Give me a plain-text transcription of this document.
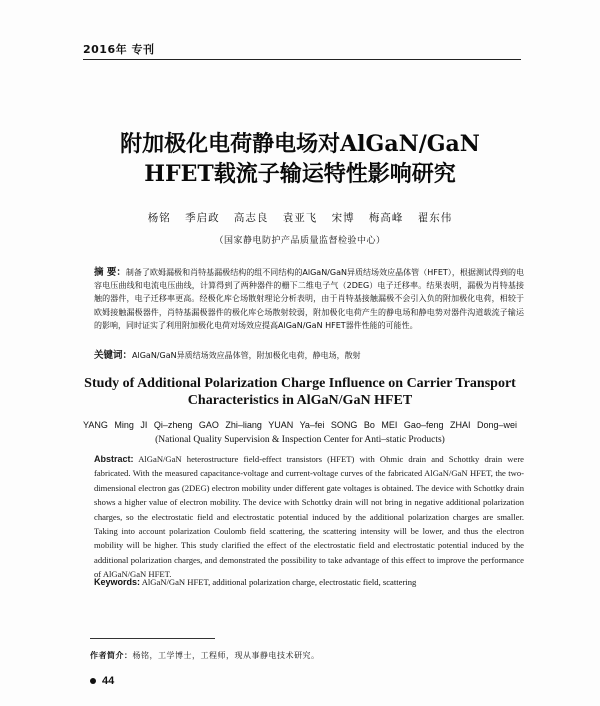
2016年 专刊
附加极化电荷静电场对AlGaN/GaN
HFET载流子输运特性影响研究
杨铭 季启政 高志良 袁亚飞 宋博 梅高峰 翟东伟
（国家静电防护产品质量监督检验中心）
摘 要：制备了欧姆漏极和肖特基漏极结构的组不同结构的AlGaN/GaN异质结场效应晶体管（HFET），根据测试得到的电容电压曲线和电流电压曲线，计算得到了两种器件的栅下二维电子气（2DEG）电子迁移率。结果表明，漏极为肖特基接触的器件，电子迁移率更高。经极化库仑场散射理论分析表明，由于肖特基接触漏极不会引入负的附加极化电荷，相较于欧姆接触漏极器件，肖特基漏极器件的极化库仑场散射较弱，附加极化电荷产生的静电场和静电势对器件沟道载流子输运的影响，同时证实了利用附加极化电荷对场效应提高AlGaN/GaN HFET器件性能的可能性。
关键词：AlGaN/GaN异质结场效应晶体管，附加极化电荷，静电场，散射
Study of Additional Polarization Charge Influence on Carrier Transport
Characteristics in AlGaN/GaN HFET
YANG Ming JI Qi–zheng GAO Zhi–liang YUAN Ya–fei SONG Bo MEI Gao–feng ZHAI Dong–wei
(National Quality Supervision & Inspection Center for Anti–static Products)
Abstract: AlGaN/GaN heterostructure field-effect transistors (HFET) with Ohmic drain and Schottky drain were fabricated. With the measured capacitance-voltage and current-voltage curves of the fabricated AlGaN/GaN HFET, the two-dimensional electron gas (2DEG) electron mobility under different gate voltages is obtained. The device with Schottky drain shows a higher value of electron mobility. The device with Schottky drain will not bring in negative additional polarization charges, so the electrostatic field and electrostatic potential induced by the additional polarization charges are smaller. Taking into account polarization Coulomb field scattering, the scattering intensity will be lower, and thus the electron mobility will be higher. This study clarified the effect of the electrostatic field and electrostatic potential induced by the additional polarization charges, and demonstrated the possibility to take advantage of this effect to improve the performance of AlGaN/GaN HFET.
Keywords: AlGaN/GaN HFET, additional polarization charge, electrostatic field, scattering
作者简介：杨铭，工学博士，工程师，现从事静电技术研究。
44
